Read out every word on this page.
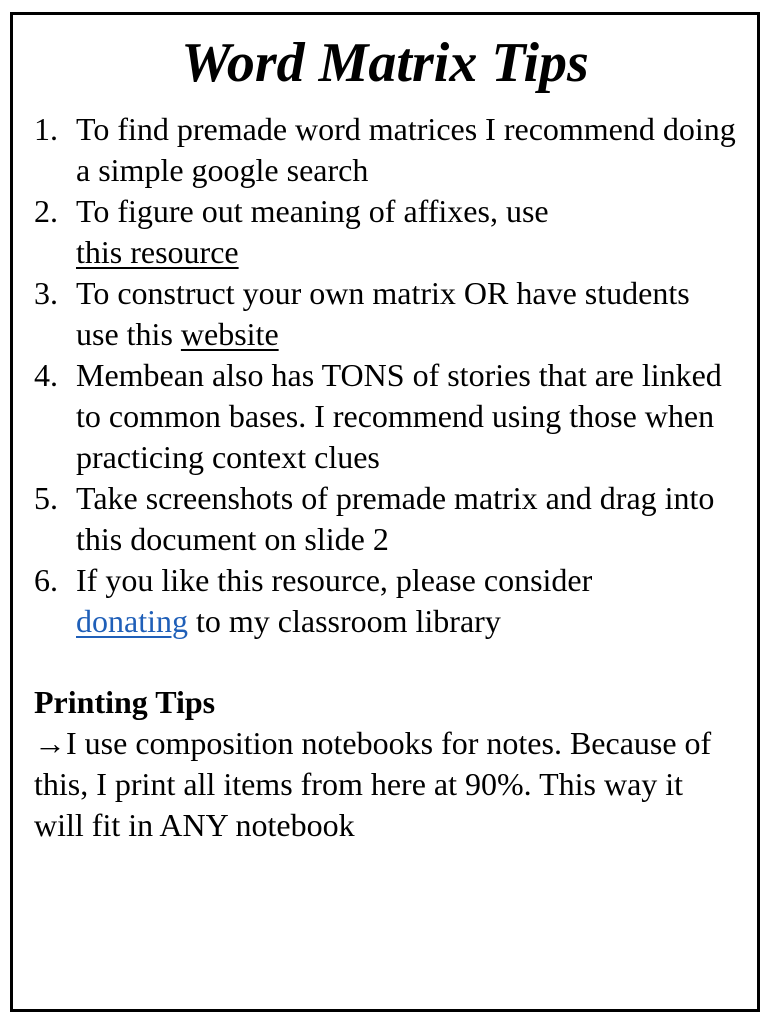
Word Matrix Tips
1. To find premade word matrices I recommend doing a simple google search
2. To figure out meaning of affixes, use
this resource
3. To construct your own matrix OR have students use this website
4. Membean also has TONS of stories that are linked to common bases. I recommend using those when practicing context clues
5. Take screenshots of premade matrix and drag into this document on slide 2
6. If you like this resource, please consider
donating to my classroom library

Printing Tips

→I use composition notebooks for notes. Because of this, I print all items from here at 90%. This way it will fit in ANY notebook
